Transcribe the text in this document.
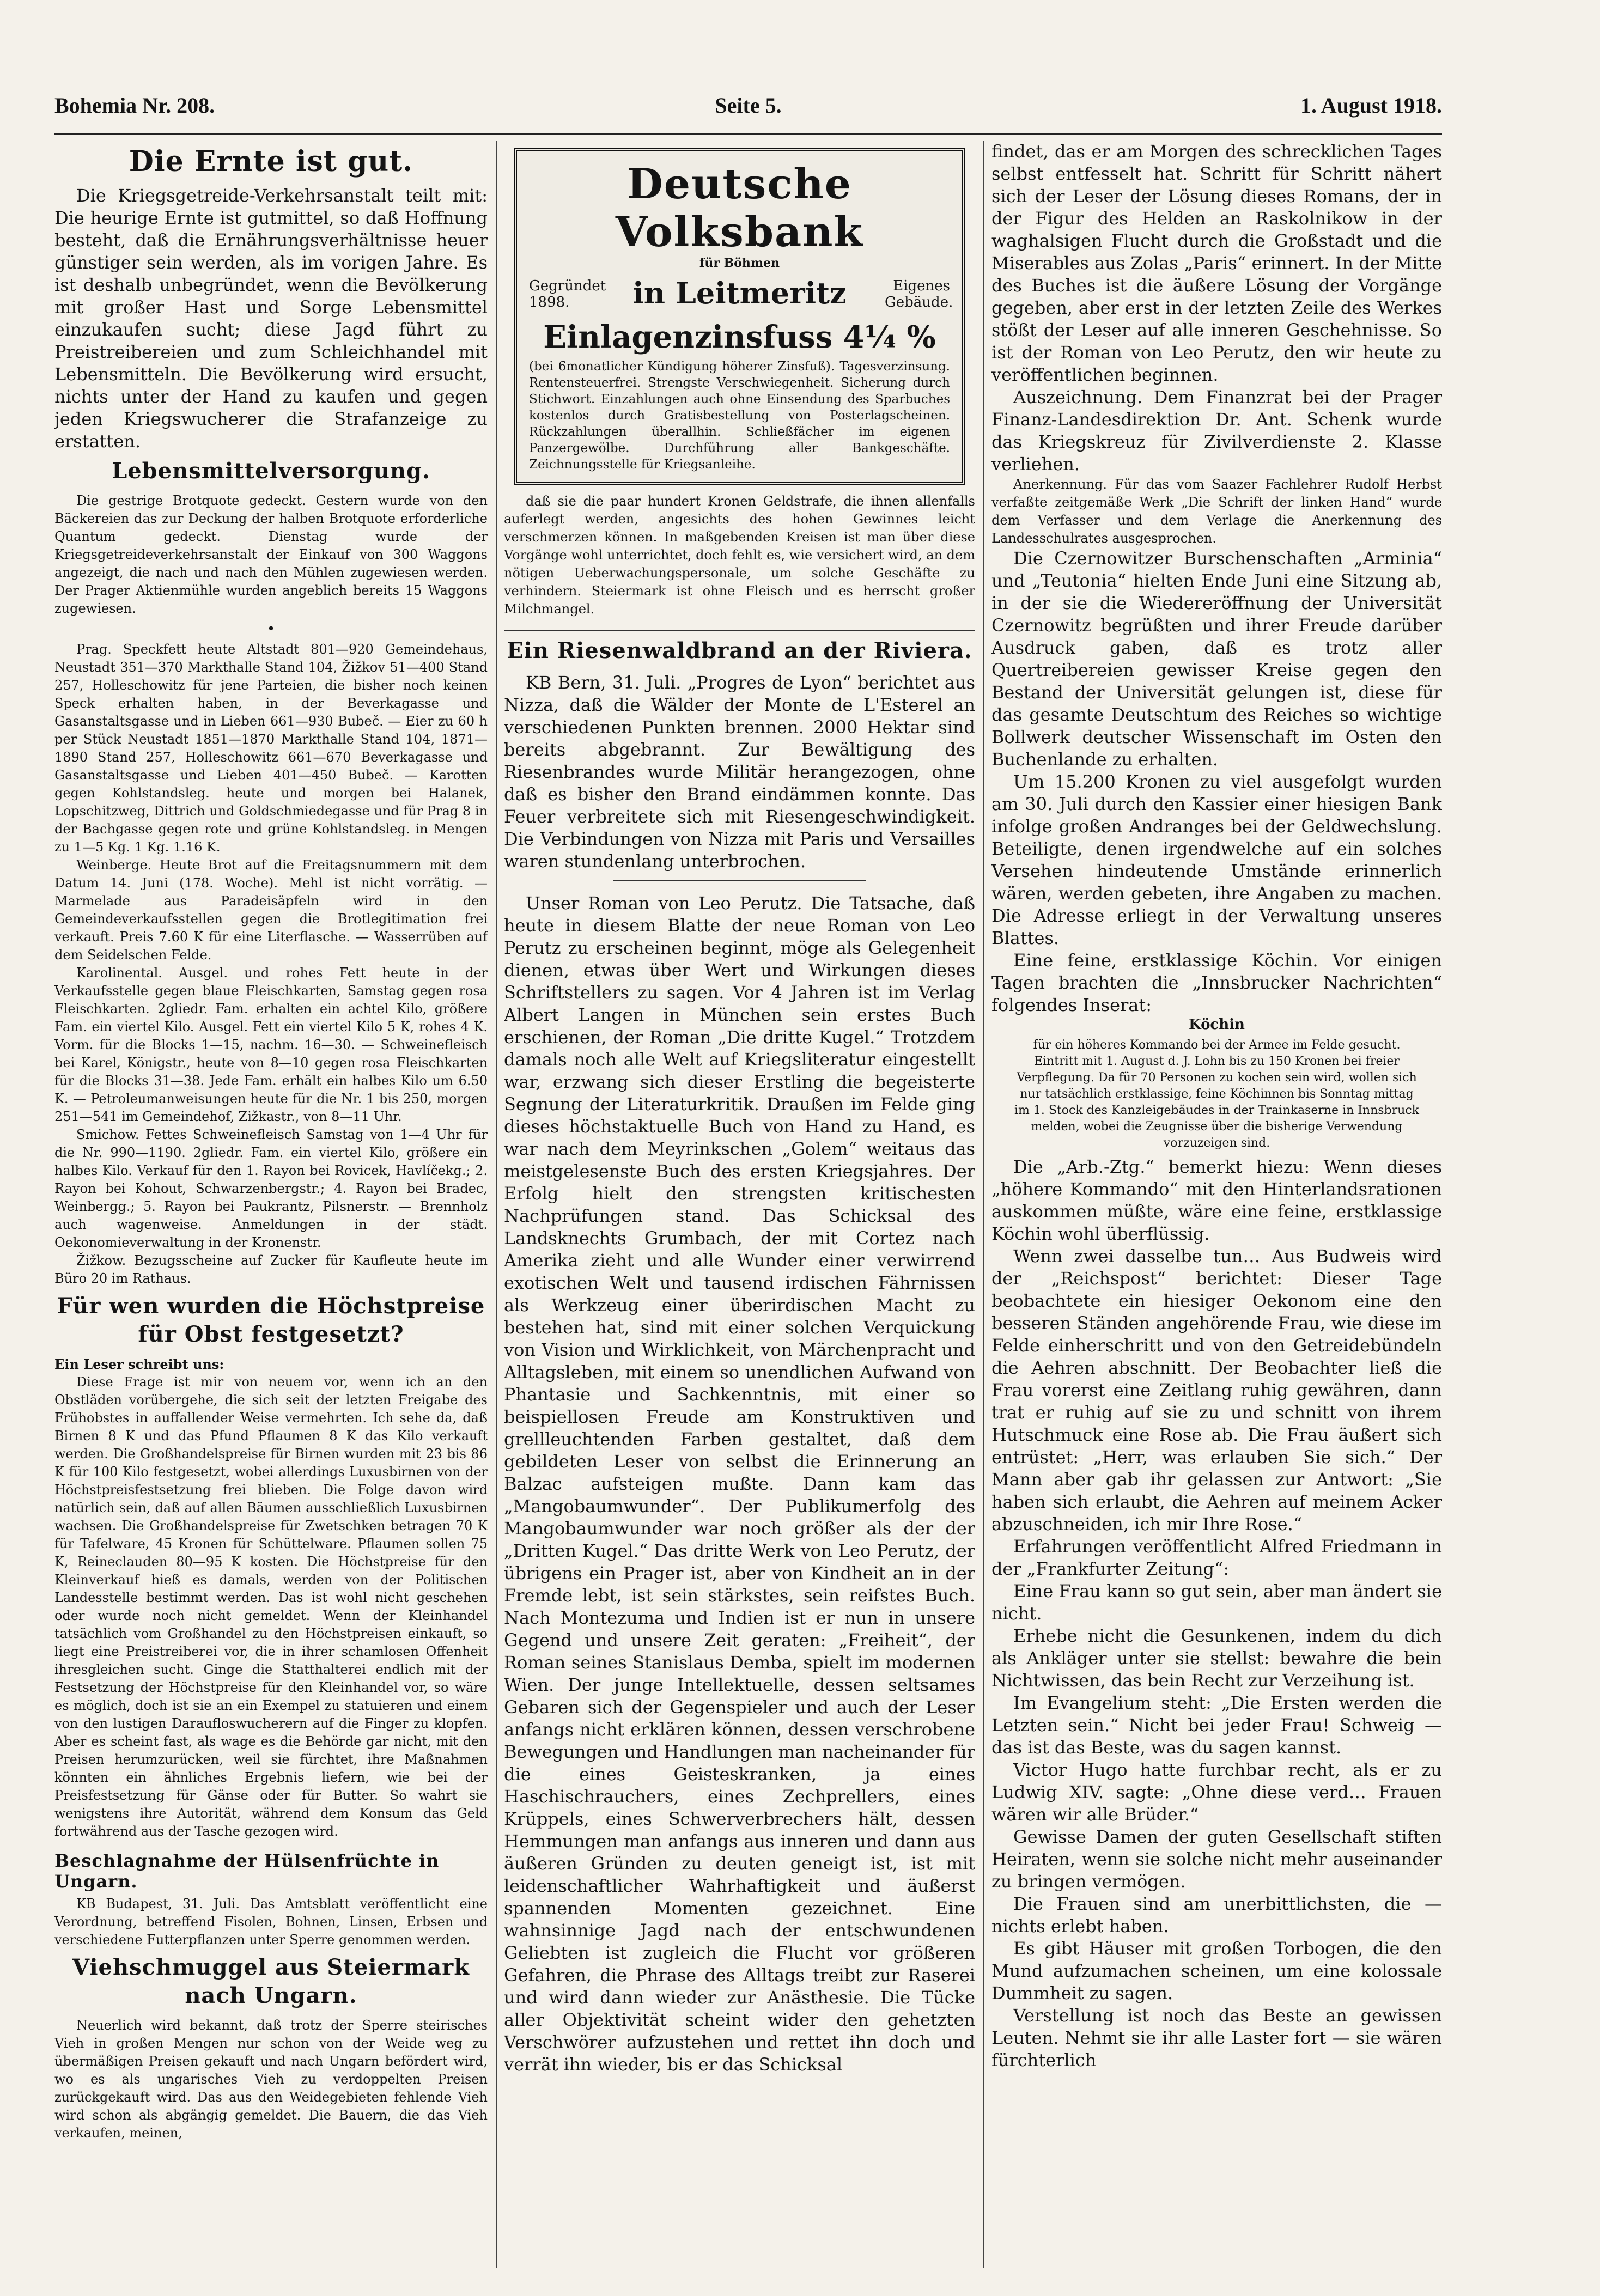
Bohemia Nr. 208.	Seite 5.	1. August 1918.
Die Ernte ist gut.

Die Kriegsgetreide-Verkehrsanstalt teilt mit: Die heurige Ernte ist gutmittel, so daß Hoffnung besteht, daß die Ernährungsverhältnisse heuer günstiger sein werden, als im vorigen Jahre. Es ist deshalb unbegründet, wenn die Bevölkerung mit großer Hast und Sorge Lebensmittel einzukaufen sucht; diese Jagd führt zu Preistreibereien und zum Schleichhandel mit Lebensmitteln. Die Bevölkerung wird ersucht, nichts unter der Hand zu kaufen und gegen jeden Kriegswucherer die Strafanzeige zu erstatten.

Lebensmittelversorgung.

Die gestrige Brotquote gedeckt. Gestern wurde von den Bäckereien das zur Deckung der halben Brotquote erforderliche Quantum gedeckt. Dienstag wurde der Kriegsgetreideverkehrsanstalt der Einkauf von 300 Waggons angezeigt, die nach und nach den Mühlen zugewiesen werden. Der Prager Aktienmühle wurden angeblich bereits 15 Waggons zugewiesen.

•

Prag. Speckfett heute Altstadt 801—920 Gemeindehaus, Neustadt 351—370 Markthalle Stand 104, Žižkov 51—400 Stand 257, Holleschowitz für jene Parteien, die bisher noch keinen Speck erhalten haben, in der Beverkagasse und Gasanstaltsgasse und in Lieben 661—930 Bubeč. — Eier zu 60 h per Stück Neustadt 1851—1870 Markthalle Stand 104, 1871—1890 Stand 257, Holleschowitz 661—670 Beverkagasse und Gasanstaltsgasse und Lieben 401—450 Bubeč. — Karotten gegen Kohlstandsleg. heute und morgen bei Halanek, Lopschitzweg, Dittrich und Goldschmiedegasse und für Prag 8 in der Bachgasse gegen rote und grüne Kohlstandsleg. in Mengen zu 1—5 Kg. 1 Kg. 1.16 K.

Weinberge. Heute Brot auf die Freitagsnummern mit dem Datum 14. Juni (178. Woche). Mehl ist nicht vorrätig. — Marmelade aus Paradeisäpfeln wird in den Gemeindeverkaufsstellen gegen die Brotlegitimation frei verkauft. Preis 7.60 K für eine Literflasche. — Wasserrüben auf dem Seidelschen Felde.

Karolinental. Ausgel. und rohes Fett heute in der Verkaufsstelle gegen blaue Fleischkarten, Samstag gegen rosa Fleischkarten. 2gliedr. Fam. erhalten ein achtel Kilo, größere Fam. ein viertel Kilo. Ausgel. Fett ein viertel Kilo 5 K, rohes 4 K. Vorm. für die Blocks 1—15, nachm. 16—30. — Schweinefleisch bei Karel, Königstr., heute von 8—10 gegen rosa Fleischkarten für die Blocks 31—38. Jede Fam. erhält ein halbes Kilo um 6.50 K. — Petroleumanweisungen heute für die Nr. 1 bis 250, morgen 251—541 im Gemeindehof, Zižkastr., von 8—11 Uhr.

Smichow. Fettes Schweinefleisch Samstag von 1—4 Uhr für die Nr. 990—1190. 2gliedr. Fam. ein viertel Kilo, größere ein halbes Kilo. Verkauf für den 1. Rayon bei Rovicek, Havlíčekg.; 2. Rayon bei Kohout, Schwarzenbergstr.; 4. Rayon bei Bradec, Weinbergg.; 5. Rayon bei Paukrantz, Pilsnerstr. — Brennholz auch wagenweise. Anmeldungen in der städt. Oekonomieverwaltung in der Kronenstr.

Žižkow. Bezugsscheine auf Zucker für Kaufleute heute im Büro 20 im Rathaus.

Für wen wurden die Höchstpreise für Obst festgesetzt?

Ein Leser schreibt uns:

Diese Frage ist mir von neuem vor, wenn ich an den Obstläden vorübergehe, die sich seit der letzten Freigabe des Frühobstes in auffallender Weise vermehrten. Ich sehe da, daß Birnen 8 K und das Pfund Pflaumen 8 K das Kilo verkauft werden. Die Großhandelspreise für Birnen wurden mit 23 bis 86 K für 100 Kilo festgesetzt, wobei allerdings Luxusbirnen von der Höchstpreisfestsetzung frei blieben. Die Folge davon wird natürlich sein, daß auf allen Bäumen ausschließlich Luxusbirnen wachsen. Die Großhandelspreise für Zwetschken betragen 70 K für Tafelware, 45 Kronen für Schüttelware. Pflaumen sollen 75 K, Reineclauden 80—95 K kosten. Die Höchstpreise für den Kleinverkauf hieß es damals, werden von der Politischen Landesstelle bestimmt werden. Das ist wohl nicht geschehen oder wurde noch nicht gemeldet. Wenn der Kleinhandel tatsächlich vom Großhandel zu den Höchstpreisen einkauft, so liegt eine Preistreiberei vor, die in ihrer schamlosen Offenheit ihresgleichen sucht. Ginge die Statthalterei endlich mit der Festsetzung der Höchstpreise für den Kleinhandel vor, so wäre es möglich, doch ist sie an ein Exempel zu statuieren und einem von den lustigen Daraufloswucherern auf die Finger zu klopfen. Aber es scheint fast, als wage es die Behörde gar nicht, mit den Preisen herumzurücken, weil sie fürchtet, ihre Maßnahmen könnten ein ähnliches Ergebnis liefern, wie bei der Preisfestsetzung für Gänse oder für Butter. So wahrt sie wenigstens ihre Autorität, während dem Konsum das Geld fortwährend aus der Tasche gezogen wird.

Beschlagnahme der Hülsenfrüchte in Ungarn.

KB Budapest, 31. Juli. Das Amtsblatt veröffentlicht eine Verordnung, betreffend Fisolen, Bohnen, Linsen, Erbsen und verschiedene Futterpflanzen unter Sperre genommen werden.

Viehschmuggel aus Steiermark nach Ungarn.

Neuerlich wird bekannt, daß trotz der Sperre steirisches Vieh in großen Mengen nur schon von der Weide weg zu übermäßigen Preisen gekauft und nach Ungarn befördert wird, wo es als ungarisches Vieh zu verdoppelten Preisen zurückgekauft wird. Das aus den Weidegebieten fehlende Vieh wird schon als abgängig gemeldet. Die Bauern, die das Vieh verkaufen, meinen,

Deutsche Volksbank
für Böhmen
Gegründet 1898.	in Leitmeritz	Eigenes Gebäude.
Einlagenzinsfuss 4¼ %

(bei 6monatlicher Kündigung höherer Zinsfuß). Tagesverzinsung. Rentensteuerfrei. Strengste Verschwiegenheit. Sicherung durch Stichwort. Einzahlungen auch ohne Einsendung des Sparbuches kostenlos durch Gratisbestellung von Posterlagscheinen. Rückzahlungen überallhin. Schließfächer im eigenen Panzergewölbe. Durchführung aller Bankgeschäfte. Zeichnungsstelle für Kriegsanleihe.

daß sie die paar hundert Kronen Geldstrafe, die ihnen allenfalls auferlegt werden, angesichts des hohen Gewinnes leicht verschmerzen können. In maßgebenden Kreisen ist man über diese Vorgänge wohl unterrichtet, doch fehlt es, wie versichert wird, an dem nötigen Ueberwachungspersonale, um solche Geschäfte zu verhindern. Steiermark ist ohne Fleisch und es herrscht großer Milchmangel.

Ein Riesenwaldbrand an der Riviera.

KB Bern, 31. Juli. „Progres de Lyon“ berichtet aus Nizza, daß die Wälder der Monte de L'Esterel an verschiedenen Punkten brennen. 2000 Hektar sind bereits abgebrannt. Zur Bewältigung des Riesenbrandes wurde Militär herangezogen, ohne daß es bisher den Brand eindämmen konnte. Das Feuer verbreitete sich mit Riesengeschwindigkeit. Die Verbindungen von Nizza mit Paris und Versailles waren stundenlang unterbrochen.

Unser Roman von Leo Perutz. Die Tatsache, daß heute in diesem Blatte der neue Roman von Leo Perutz zu erscheinen beginnt, möge als Gelegenheit dienen, etwas über Wert und Wirkungen dieses Schriftstellers zu sagen. Vor 4 Jahren ist im Verlag Albert Langen in München sein erstes Buch erschienen, der Roman „Die dritte Kugel.“ Trotzdem damals noch alle Welt auf Kriegsliteratur eingestellt war, erzwang sich dieser Erstling die begeisterte Segnung der Literaturkritik. Draußen im Felde ging dieses höchstaktuelle Buch von Hand zu Hand, es war nach dem Meyrinkschen „Golem“ weitaus das meistgelesenste Buch des ersten Kriegsjahres. Der Erfolg hielt den strengsten kritischesten Nachprüfungen stand. Das Schicksal des Landsknechts Grumbach, der mit Cortez nach Amerika zieht und alle Wunder einer verwirrend exotischen Welt und tausend irdischen Fährnissen als Werkzeug einer überirdischen Macht zu bestehen hat, sind mit einer solchen Verquickung von Vision und Wirklichkeit, von Märchenpracht und Alltagsleben, mit einem so unendlichen Aufwand von Phantasie und Sachkenntnis, mit einer so beispiellosen Freude am Konstruktiven und grellleuchtenden Farben gestaltet, daß dem gebildeten Leser von selbst die Erinnerung an Balzac aufsteigen mußte. Dann kam das „Mangobaumwunder“. Der Publikumerfolg des Mangobaumwunder war noch größer als der der „Dritten Kugel.“ Das dritte Werk von Leo Perutz, der übrigens ein Prager ist, aber von Kindheit an in der Fremde lebt, ist sein stärkstes, sein reifstes Buch. Nach Montezuma und Indien ist er nun in unsere Gegend und unsere Zeit geraten: „Freiheit“, der Roman seines Stanislaus Demba, spielt im modernen Wien. Der junge Intellektuelle, dessen seltsames Gebaren sich der Gegenspieler und auch der Leser anfangs nicht erklären können, dessen verschrobene Bewegungen und Handlungen man nacheinander für die eines Geisteskranken, ja eines Haschischrauchers, eines Zechprellers, eines Krüppels, eines Schwerverbrechers hält, dessen Hemmungen man anfangs aus inneren und dann aus äußeren Gründen zu deuten geneigt ist, ist mit leidenschaftlicher Wahrhaftigkeit und äußerst spannenden Momenten gezeichnet. Eine wahnsinnige Jagd nach der entschwundenen Geliebten ist zugleich die Flucht vor größeren Gefahren, die Phrase des Alltags treibt zur Raserei und wird dann wieder zur Anästhesie. Die Tücke aller Objektivität scheint wider den gehetzten Verschwörer aufzustehen und rettet ihn doch und verrät ihn wieder, bis er das Schicksal

findet, das er am Morgen des schrecklichen Tages selbst entfesselt hat. Schritt für Schritt nähert sich der Leser der Lösung dieses Romans, der in der Figur des Helden an Raskolnikow in der waghalsigen Flucht durch die Großstadt und die Miserables aus Zolas „Paris“ erinnert. In der Mitte des Buches ist die äußere Lösung der Vorgänge gegeben, aber erst in der letzten Zeile des Werkes stößt der Leser auf alle inneren Geschehnisse. So ist der Roman von Leo Perutz, den wir heute zu veröffentlichen beginnen.

Auszeichnung. Dem Finanzrat bei der Prager Finanz-Landesdirektion Dr. Ant. Schenk wurde das Kriegskreuz für Zivilverdienste 2. Klasse verliehen.

Anerkennung. Für das vom Saazer Fachlehrer Rudolf Herbst verfaßte zeitgemäße Werk „Die Schrift der linken Hand“ wurde dem Verfasser und dem Verlage die Anerkennung des Landesschulrates ausgesprochen.

Die Czernowitzer Burschenschaften „Arminia“ und „Teutonia“ hielten Ende Juni eine Sitzung ab, in der sie die Wiedereröffnung der Universität Czernowitz begrüßten und ihrer Freude darüber Ausdruck gaben, daß es trotz aller Quertreibereien gewisser Kreise gegen den Bestand der Universität gelungen ist, diese für das gesamte Deutschtum des Reiches so wichtige Bollwerk deutscher Wissenschaft im Osten den Buchenlande zu erhalten.

Um 15.200 Kronen zu viel ausgefolgt wurden am 30. Juli durch den Kassier einer hiesigen Bank infolge großen Andranges bei der Geldwechslung. Beteiligte, denen irgendwelche auf ein solches Versehen hindeutende Umstände erinnerlich wären, werden gebeten, ihre Angaben zu machen. Die Adresse erliegt in der Verwaltung unseres Blattes.

Eine feine, erstklassige Köchin. Vor einigen Tagen brachten die „Innsbrucker Nachrichten“ folgendes Inserat:

Köchin

für ein höheres Kommando bei der Armee im Felde gesucht. Eintritt mit 1. August d. J. Lohn bis zu 150 Kronen bei freier Verpflegung. Da für 70 Personen zu kochen sein wird, wollen sich nur tatsächlich erstklassige, feine Köchinnen bis Sonntag mittag im 1. Stock des Kanzleigebäudes in der Trainkaserne in Innsbruck melden, wobei die Zeugnisse über die bisherige Verwendung vorzuzeigen sind.

Die „Arb.-Ztg.“ bemerkt hiezu: Wenn dieses „höhere Kommando“ mit den Hinterlandsrationen auskommen müßte, wäre eine feine, erstklassige Köchin wohl überflüssig.

Wenn zwei dasselbe tun… Aus Budweis wird der „Reichspost“ berichtet: Dieser Tage beobachtete ein hiesiger Oekonom eine den besseren Ständen angehörende Frau, wie diese im Felde einherschritt und von den Getreidebündeln die Aehren abschnitt. Der Beobachter ließ die Frau vorerst eine Zeitlang ruhig gewähren, dann trat er ruhig auf sie zu und schnitt von ihrem Hutschmuck eine Rose ab. Die Frau äußert sich entrüstet: „Herr, was erlauben Sie sich.“ Der Mann aber gab ihr gelassen zur Antwort: „Sie haben sich erlaubt, die Aehren auf meinem Acker abzuschneiden, ich mir Ihre Rose.“

Erfahrungen veröffentlicht Alfred Friedmann in der „Frankfurter Zeitung“:

Eine Frau kann so gut sein, aber man ändert sie nicht.

Erhebe nicht die Gesunkenen, indem du dich als Ankläger unter sie stellst: bewahre die bein Nichtwissen, das bein Recht zur Verzeihung ist.

Im Evangelium steht: „Die Ersten werden die Letzten sein.“ Nicht bei jeder Frau! Schweig — das ist das Beste, was du sagen kannst.

Victor Hugo hatte furchbar recht, als er zu Ludwig XIV. sagte: „Ohne diese verd… Frauen wären wir alle Brüder.“

Gewisse Damen der guten Gesellschaft stiften Heiraten, wenn sie solche nicht mehr auseinander zu bringen vermögen.

Die Frauen sind am unerbittlichsten, die — nichts erlebt haben.

Es gibt Häuser mit großen Torbogen, die den Mund aufzumachen scheinen, um eine kolossale Dummheit zu sagen.

Verstellung ist noch das Beste an gewissen Leuten. Nehmt sie ihr alle Laster fort — sie wären fürchterlich
